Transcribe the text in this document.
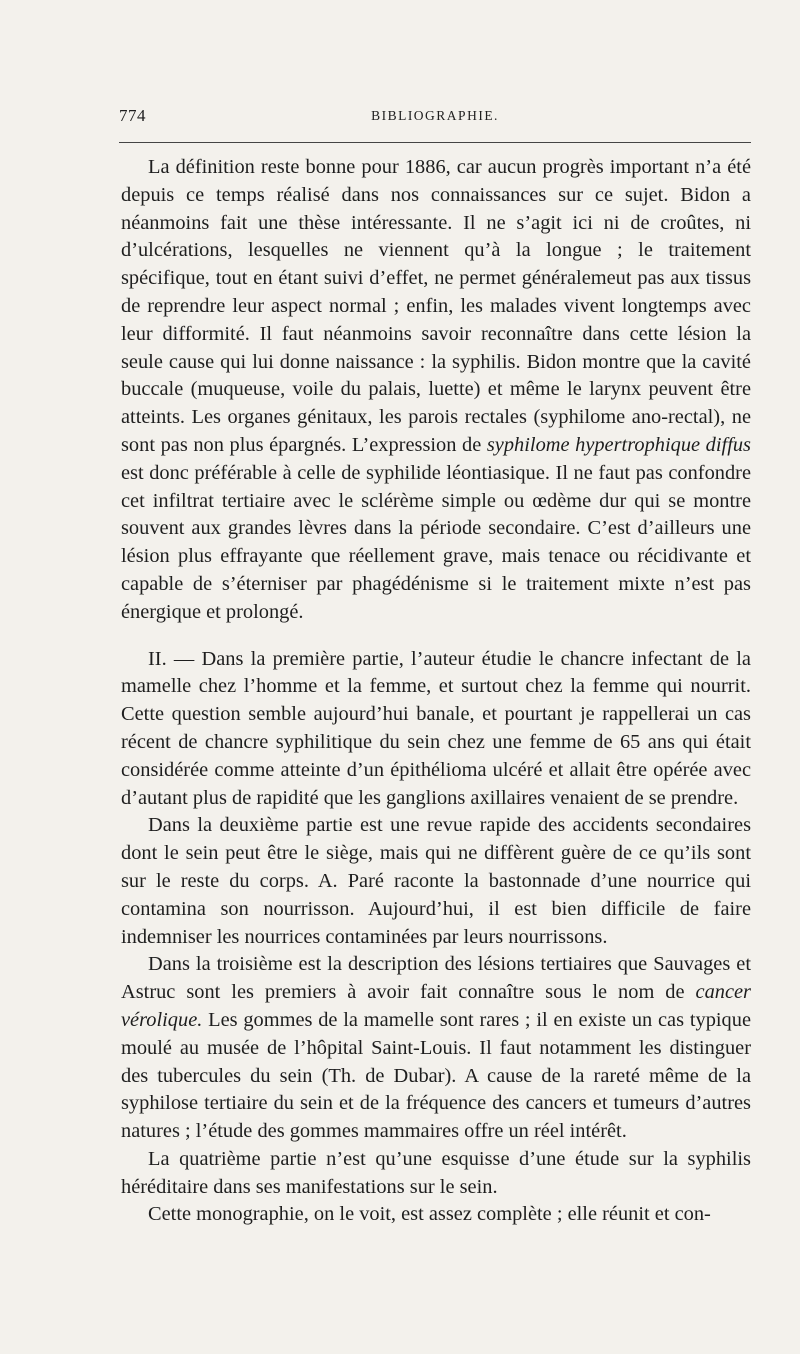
774	BIBLIOGRAPHIE.

La définition reste bonne pour 1886, car aucun progrès important n’a été depuis ce temps réalisé dans nos connaissances sur ce sujet. Bidon a néanmoins fait une thèse intéressante. Il ne s’agit ici ni de croûtes, ni d’ulcérations, lesquelles ne viennent qu’à la longue ; le traitement spécifique, tout en étant suivi d’effet, ne permet généralemeut pas aux tissus de reprendre leur aspect normal ; enfin, les malades vivent longtemps avec leur difformité. Il faut néanmoins savoir reconnaître dans cette lésion la seule cause qui lui donne naissance : la syphilis. Bidon montre que la cavité buccale (muqueuse, voile du palais, luette) et même le larynx peuvent être atteints. Les organes génitaux, les parois rectales (syphilome ano-rectal), ne sont pas non plus épargnés. L’expression de syphilome hypertrophique diffus est donc préférable à celle de syphilide léontiasique. Il ne faut pas confondre cet infiltrat tertiaire avec le sclérème simple ou œdème dur qui se montre souvent aux grandes lèvres dans la période secondaire. C’est d’ailleurs une lésion plus effrayante que réellement grave, mais tenace ou récidivante et capable de s’éterniser par phagédénisme si le traitement mixte n’est pas énergique et prolongé.

II. — Dans la première partie, l’auteur étudie le chancre infectant de la mamelle chez l’homme et la femme, et surtout chez la femme qui nourrit. Cette question semble aujourd’hui banale, et pourtant je rappellerai un cas récent de chancre syphilitique du sein chez une femme de 65 ans qui était considérée comme atteinte d’un épithélioma ulcéré et allait être opérée avec d’autant plus de rapidité que les ganglions axillaires venaient de se prendre.

Dans la deuxième partie est une revue rapide des accidents secondaires dont le sein peut être le siège, mais qui ne diffèrent guère de ce qu’ils sont sur le reste du corps. A. Paré raconte la bastonnade d’une nourrice qui contamina son nourrisson. Aujourd’hui, il est bien difficile de faire indemniser les nourrices contaminées par leurs nourrissons.

Dans la troisième est la description des lésions tertiaires que Sauvages et Astruc sont les premiers à avoir fait connaître sous le nom de cancer vérolique. Les gommes de la mamelle sont rares ; il en existe un cas typique moulé au musée de l’hôpital Saint-Louis. Il faut notamment les distinguer des tubercules du sein (Th. de Dubar). A cause de la rareté même de la syphilose tertiaire du sein et de la fréquence des cancers et tumeurs d’autres natures ; l’étude des gommes mammaires offre un réel intérêt.

La quatrième partie n’est qu’une esquisse d’une étude sur la syphilis héréditaire dans ses manifestations sur le sein.

Cette monographie, on le voit, est assez complète ; elle réunit et con-
